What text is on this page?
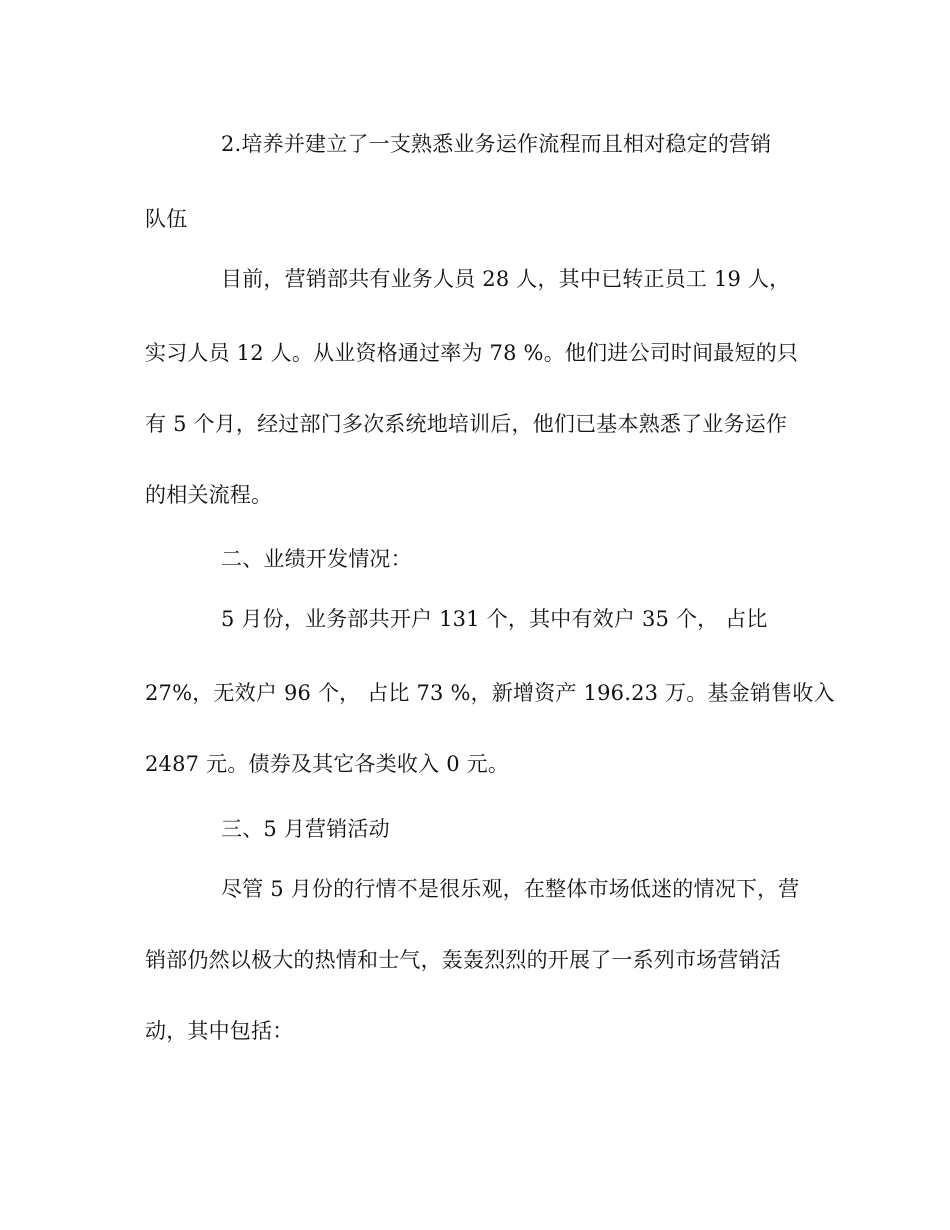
2.培养并建立了一支熟悉业务运作流程而且相对稳定的营销
队伍
目前，营销部共有业务人员 28 人，其中已转正员工 19 人，
实习人员 12 人。从业资格通过率为 78 %。他们进公司时间最短的只
有 5 个月，经过部门多次系统地培训后，他们已基本熟悉了业务运作
的相关流程。
二、业绩开发情况：
5 月份，业务部共开户 131 个，其中有效户 35 个， 占比
27%，无效户 96 个， 占比 73 %，新增资产 196.23 万。基金销售收入
2487 元。债券及其它各类收入 0 元。
三、5 月营销活动
尽管 5 月份的行情不是很乐观，在整体市场低迷的情况下，营
销部仍然以极大的热情和士气，轰轰烈烈的开展了一系列市场营销活
动，其中包括：
